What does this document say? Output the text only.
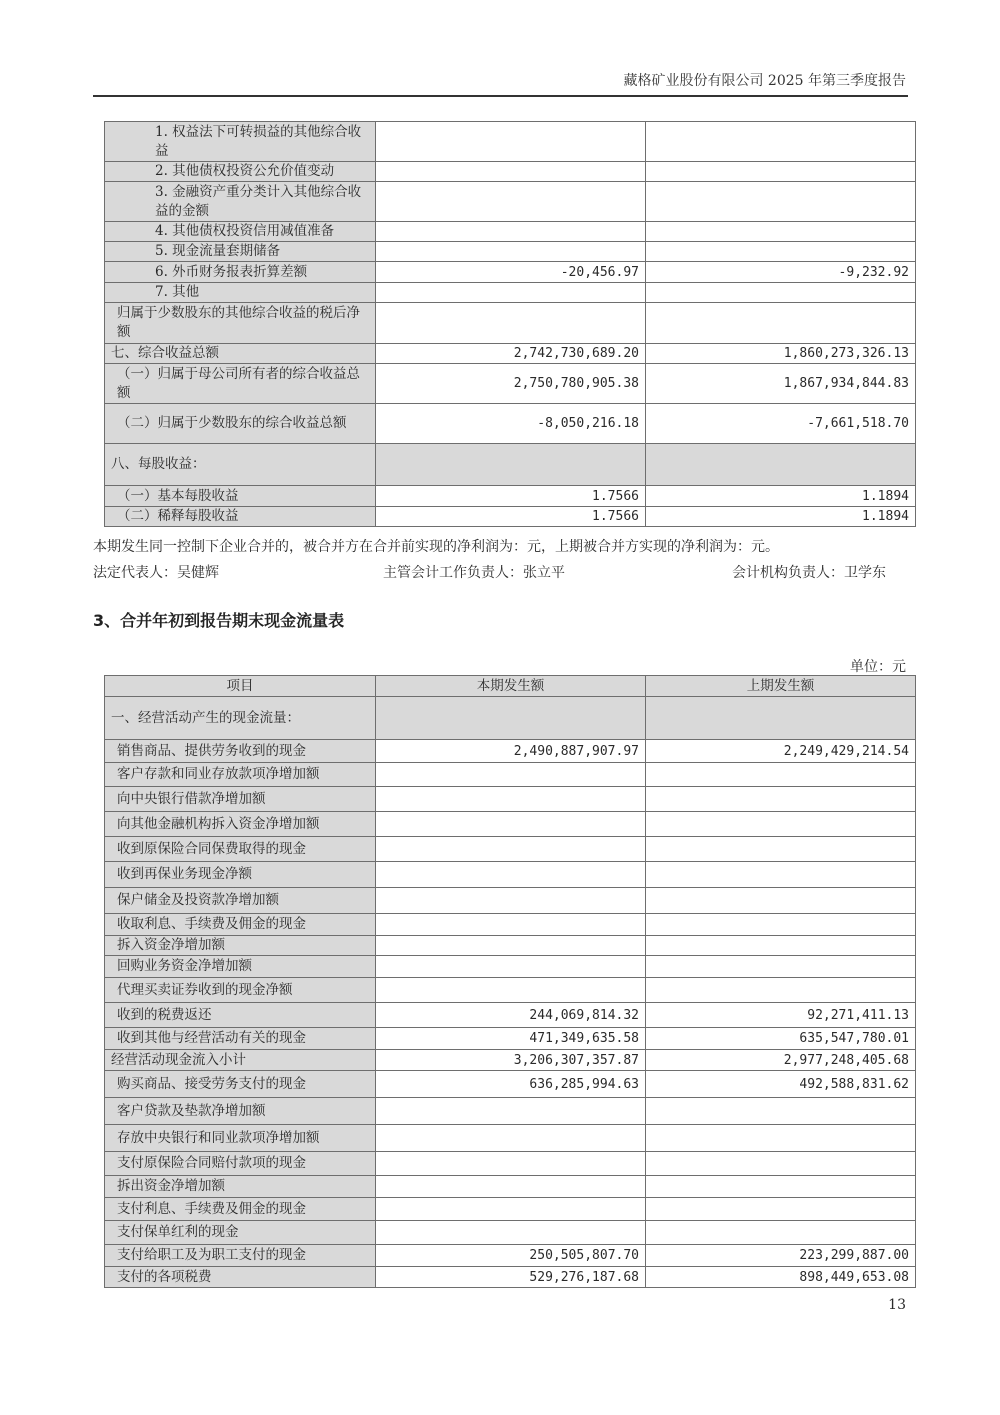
藏格矿业股份有限公司 2025 年第三季度报告
1. 权益法下可转损益的其他综合收益		
2. 其他债权投资公允价值变动		
3. 金融资产重分类计入其他综合收益的金额		
4. 其他债权投资信用减值准备		
5. 现金流量套期储备		
6. 外币财务报表折算差额	-20,456.97	-9,232.92
7. 其他		
归属于少数股东的其他综合收益的税后净额		
七、综合收益总额	2,742,730,689.20	1,860,273,326.13
（一）归属于母公司所有者的综合收益总额	2,750,780,905.38	1,867,934,844.83
（二）归属于少数股东的综合收益总额	-8,050,216.18	-7,661,518.70
八、每股收益：		
（一）基本每股收益	1.7566	1.1894
（二）稀释每股收益	1.7566	1.1894
本期发生同一控制下企业合并的，被合并方在合并前实现的净利润为：元，上期被合并方实现的净利润为：元。
法定代表人：吴健辉	主管会计工作负责人：张立平	会计机构负责人：卫学东
3、合并年初到报告期末现金流量表
单位：元
项目	本期发生额	上期发生额
一、经营活动产生的现金流量：		
销售商品、提供劳务收到的现金	2,490,887,907.97	2,249,429,214.54
客户存款和同业存放款项净增加额		
向中央银行借款净增加额		
向其他金融机构拆入资金净增加额		
收到原保险合同保费取得的现金		
收到再保业务现金净额		
保户储金及投资款净增加额		
收取利息、手续费及佣金的现金		
拆入资金净增加额		
回购业务资金净增加额		
代理买卖证券收到的现金净额		
收到的税费返还	244,069,814.32	92,271,411.13
收到其他与经营活动有关的现金	471,349,635.58	635,547,780.01
经营活动现金流入小计	3,206,307,357.87	2,977,248,405.68
购买商品、接受劳务支付的现金	636,285,994.63	492,588,831.62
客户贷款及垫款净增加额		
存放中央银行和同业款项净增加额		
支付原保险合同赔付款项的现金		
拆出资金净增加额		
支付利息、手续费及佣金的现金		
支付保单红利的现金		
支付给职工及为职工支付的现金	250,505,807.70	223,299,887.00
支付的各项税费	529,276,187.68	898,449,653.08
13
